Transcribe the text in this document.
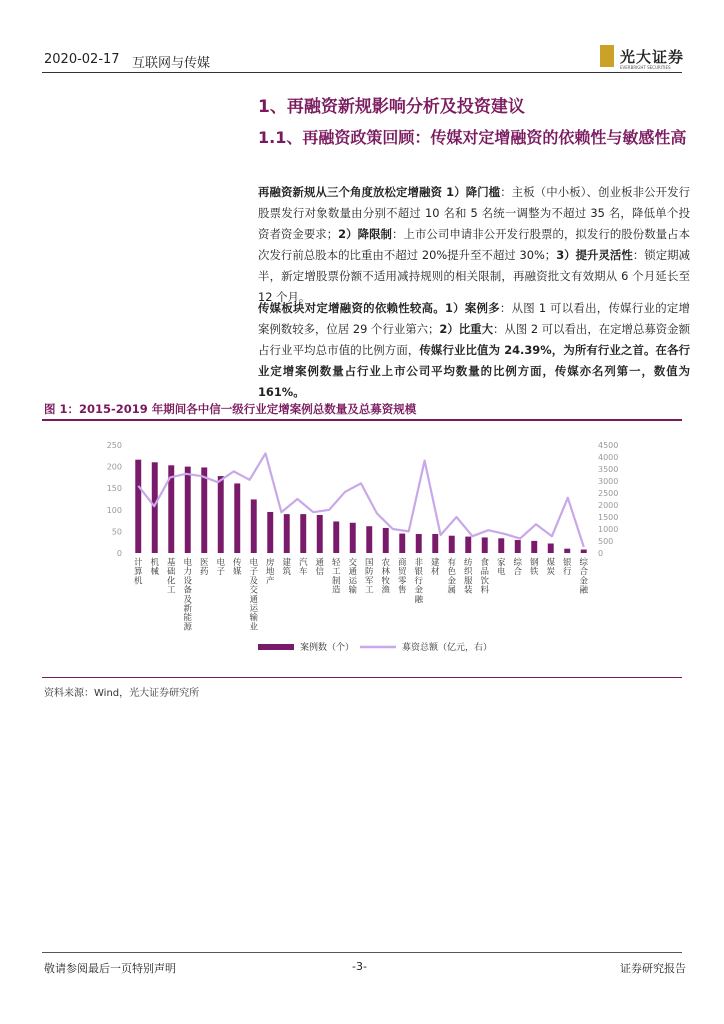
2020-02-17 互联网与传媒	光大证券
EVERBRIGHT SECURITIES
1、再融资新规影响分析及投资建议
1.1、再融资政策回顾：传媒对定增融资的依赖性与敏感性高
再融资新规从三个角度放松定增融资 1）降门槛：主板（中小板）、创业板非公开发行股票发行对象数量由分别不超过 10 名和 5 名统一调整为不超过 35 名，降低单个投资者资金要求；2）降限制：上市公司申请非公开发行股票的，拟发行的股份数量占本次发行前总股本的比重由不超过 20%提升至不超过 30%；3）提升灵活性：锁定期减半，新定增股票份额不适用减持规则的相关限制，再融资批文有效期从 6 个月延长至 12 个月。
传媒板块对定增融资的依赖性较高。1）案例多：从图 1 可以看出，传媒行业的定增案例数较多，位居 29 个行业第六；2）比重大：从图 2 可以看出，在定增总募资金额占行业平均总市值的比例方面，传媒行业比值为 24.39%，为所有行业之首。在各行业定增案例数量占行业上市公司平均数量的比例方面，传媒亦名列第一，数值为 161%。
图 1：2015-2019 年期间各中信一级行业定增案例总数量及总募资规模
0
50
100
150
200
250
0
500
1000
1500
2000
2500
3000
3500
4000
4500
计算机
机械
基础化工
电力设备及新能源
医药
电子
传媒
电子及交通运输业
房地产
建筑
汽车
通信
轻工制造
交通运输
国防军工
农林牧渔
商贸零售
非银行金融
建材
有色金属
纺织服装
食品饮料
家电
综合
钢铁
煤炭
银行
综合金融
案例数（个）	募资总额（亿元，右）
资料来源：Wind，光大证券研究所
敬请参阅最后一页特别声明	-3-	证券研究报告
